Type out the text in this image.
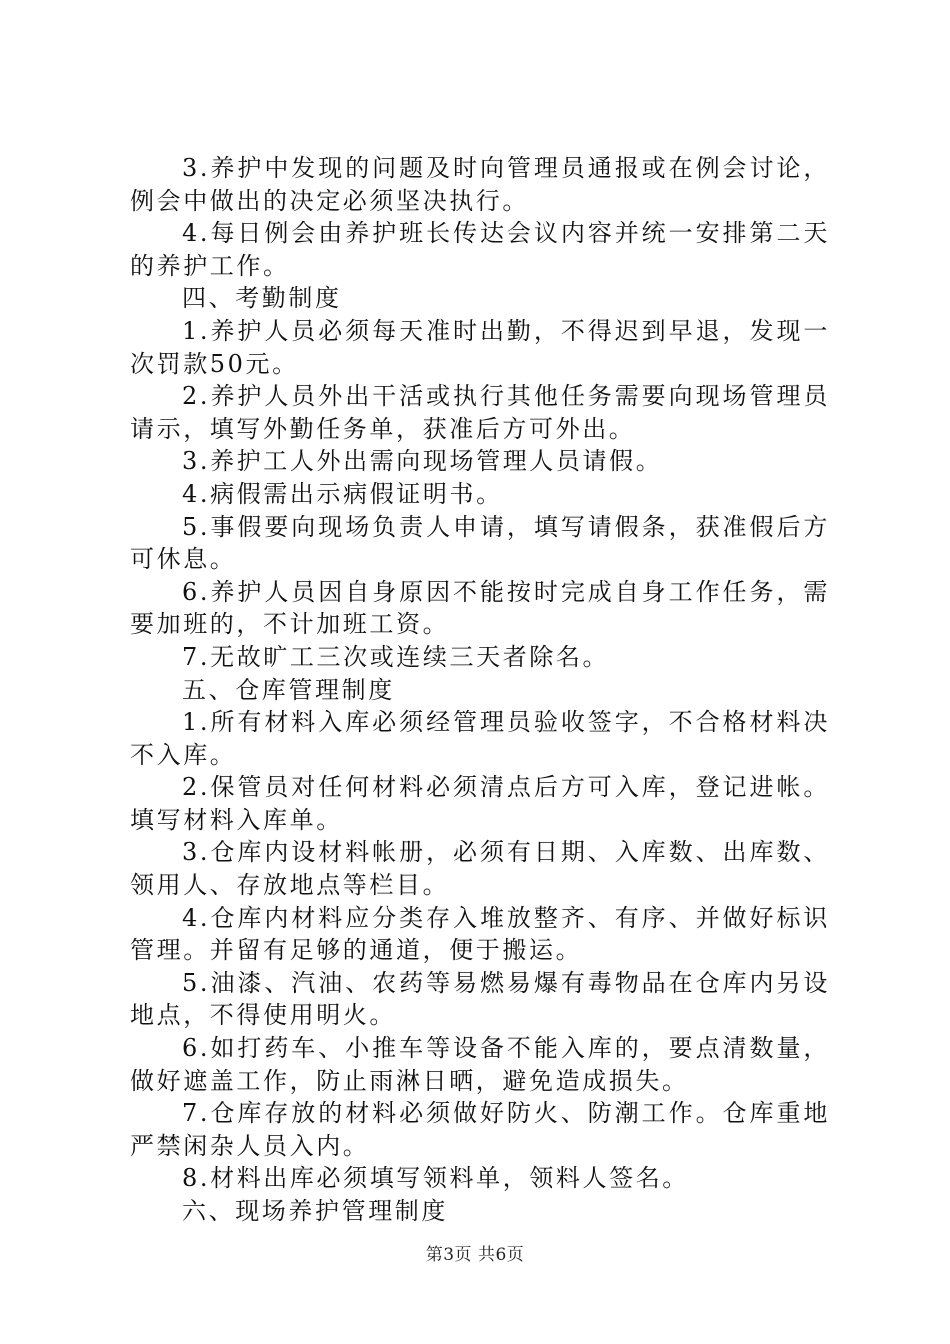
3.养护中发现的问题及时向管理员通报或在例会讨论，例会中做出的决定必须坚决执行。

4.每日例会由养护班长传达会议内容并统一安排第二天的养护工作。

四、考勤制度

1.养护人员必须每天准时出勤，不得迟到早退，发现一次罚款50元。

2.养护人员外出干活或执行其他任务需要向现场管理员请示，填写外勤任务单，获准后方可外出。

3.养护工人外出需向现场管理人员请假。

4.病假需出示病假证明书。

5.事假要向现场负责人申请，填写请假条，获准假后方可休息。

6.养护人员因自身原因不能按时完成自身工作任务，需要加班的，不计加班工资。

7.无故旷工三次或连续三天者除名。

五、仓库管理制度

1.所有材料入库必须经管理员验收签字，不合格材料决不入库。

2.保管员对任何材料必须清点后方可入库，登记进帐。填写材料入库单。

3.仓库内设材料帐册，必须有日期、入库数、出库数、领用人、存放地点等栏目。

4.仓库内材料应分类存入堆放整齐、有序、并做好标识管理。并留有足够的通道，便于搬运。

5.油漆、汽油、农药等易燃易爆有毒物品在仓库内另设地点，不得使用明火。

6.如打药车、小推车等设备不能入库的，要点清数量，做好遮盖工作，防止雨淋日晒，避免造成损失。

7.仓库存放的材料必须做好防火、防潮工作。仓库重地严禁闲杂人员入内。

8.材料出库必须填写领料单，领料人签名。

六、现场养护管理制度

第3页 共6页
